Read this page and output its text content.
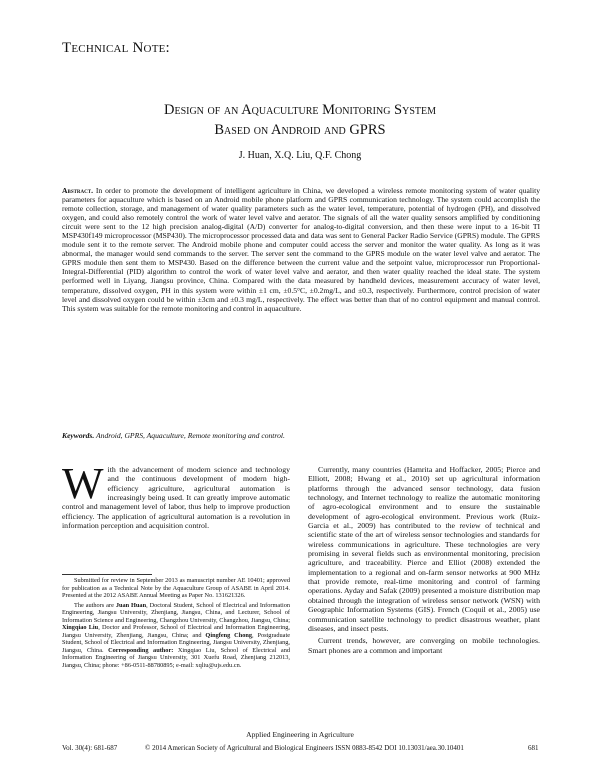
Technical Note:
Design of an Aquaculture Monitoring System
Based on Android and GPRS
J. Huan, X.Q. Liu, Q.F. Chong
Abstract. In order to promote the development of intelligent agriculture in China, we developed a wireless remote monitoring system of water quality parameters for aquaculture which is based on an Android mobile phone platform and GPRS communication technology. The system could accomplish the remote collection, storage, and management of water quality parameters such as the water level, temperature, potential of hydrogen (PH), and dissolved oxygen, and could also remotely control the work of water level valve and aerator. The signals of all the water quality sensors amplified by conditioning circuit were sent to the 12 high precision analog-digital (A/D) converter for analog-to-digital conversion, and then these were input to a 16-bit TI MSP430f149 microprocessor (MSP430). The microprocessor processed data and data was sent to General Packer Radio Service (GPRS) module. The GPRS module sent it to the remote server. The Android mobile phone and computer could access the server and monitor the water quality. As long as it was abnormal, the manager would send commands to the server. The server sent the command to the GPRS module on the water level valve and aerator. The GPRS module then sent them to MSP430. Based on the difference between the current value and the setpoint value, microprocessor run Proportional-Integral-Differential (PID) algorithm to control the work of water level valve and aerator, and then water quality reached the ideal state. The system performed well in Liyang, Jiangsu province, China. Compared with the data measured by handheld devices, measurement accuracy of water level, temperature, dissolved oxygen, PH in this system were within ±1 cm, ±0.5°C, ±0.2mg/L, and ±0.3, respectively. Furthermore, control precision of water level and dissolved oxygen could be within ±3cm and ±0.3 mg/L, respectively. The effect was better than that of no control equipment and manual control. This system was suitable for the remote monitoring and control in aquaculture.
Keywords. Android, GPRS, Aquaculture, Remote monitoring and control.
With the advancement of modern science and technology and the continuous development of modern high-efficiency agriculture, agricultural automation is increasingly being used. It can greatly improve automatic control and management level of labor, thus help to improve production efficiency. The application of agricultural automation is a revolution in information perception and acquisition control.

Submitted for review in September 2013 as manuscript number AE 10401; approved for publication as a Technical Note by the Aquaculture Group of ASABE in April 2014. Presented at the 2012 ASABE Annual Meeting as Paper No. 131621326.

The authors are Juan Huan, Doctoral Student, School of Electrical and Information Engineering, Jiangsu University, Zhenjiang, Jiangsu, China, and Lecturer, School of Information Science and Engineering, Changzhou University, Changzhou, Jiangsu, China; Xingqiao Liu, Doctor and Professor, School of Electrical and Information Engineering, Jiangsu University, Zhenjiang, Jiangsu, China; and Qingfeng Chong, Postgraduate Student, School of Electrical and Information Engineering, Jiangsu University, Zhenjiang, Jiangsu, China. Corresponding author: Xingqiao Liu, School of Electrical and Information Engineering of Jiangsu University, 301 Xuefu Road, Zhenjiang 212013, Jiangsu, China; phone: +86-0511-88780895; e-mail: xqliu@ujs.edu.cn.

Currently, many countries (Hamrita and Hoffacker, 2005; Pierce and Elliott, 2008; Hwang et al., 2010) set up agricultural information platforms through the advanced sensor technology, data fusion technology, and Internet technology to realize the automatic monitoring of agro-ecological environment and to ensure the sustainable development of agro-ecological environment. Previous work (Ruiz-Garcia et al., 2009) has contributed to the review of technical and scientific state of the art of wireless sensor technologies and standards for wireless communications in agriculture. These technologies are very promising in several fields such as environmental monitoring, precision agriculture, and traceability. Pierce and Elliot (2008) extended the implementation to a regional and on-farm sensor networks at 900 MHz that provide remote, real-time monitoring and control of farming operations. Ayday and Safak (2009) presented a moisture distribution map obtained through the integration of wireless sensor network (WSN) with Geographic Information Systems (GIS). French (Coquil et al., 2005) use communication satellite technology to predict disastrous weather, plant diseases, and insect pests.

Current trends, however, are converging on mobile technologies. Smart phones are a common and important

Applied Engineering in Agriculture
Vol. 30(4): 681-687	© 2014 American Society of Agricultural and Biological Engineers ISSN 0883-8542 DOI 10.13031/aea.30.10401	681
